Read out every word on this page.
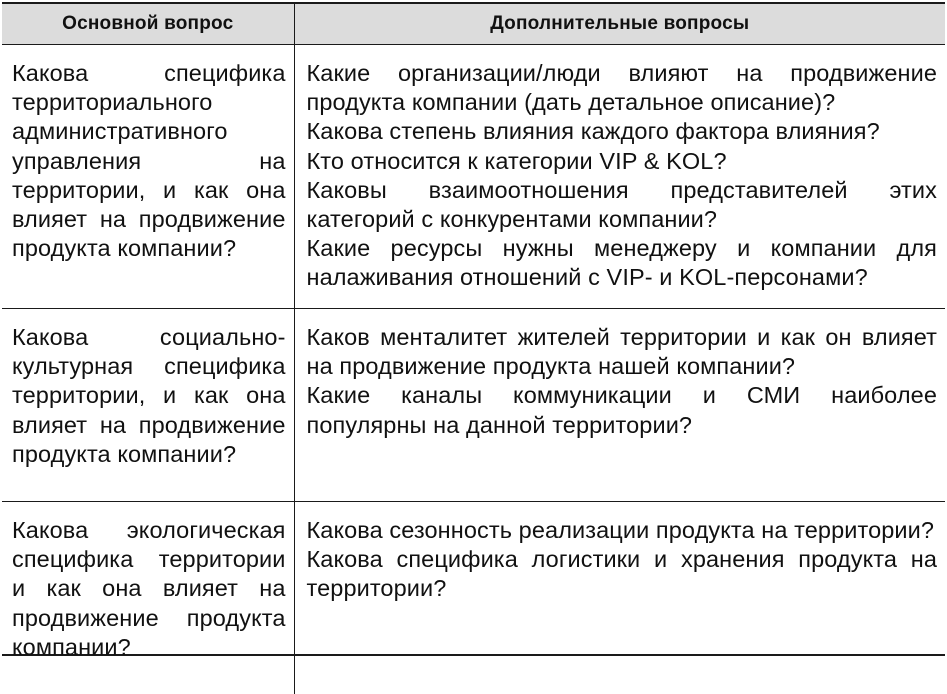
Основной вопрос	Дополнительные вопросы
Какова специфика территориального административного управления на территории, и как она влияет на продвижение продукта компании?	Какие организации/люди влияют на продвижение продукта компании (дать детальное описание)?

Какова степень влияния каждого фактора влияния?

Кто относится к категории VIP & KOL?

Каковы взаимоотношения представителей этих категорий с конкурентами компании?

Какие ресурсы нужны менеджеру и компании для налаживания отношений с VIP- и KOL-персонами?

Какова социально-культурная специфика территории, и как она влияет на продвижение продукта компании?	Каков менталитет жителей территории и как он влияет на продвижение продукта нашей компании?

Какие каналы коммуникации и СМИ наиболее популярны на данной территории?

Какова экологическая специфика территории и как она влияет на продвижение продукта компании?	Какова сезонность реализации продукта на территории?

Какова специфика логистики и хранения продукта на территории?
